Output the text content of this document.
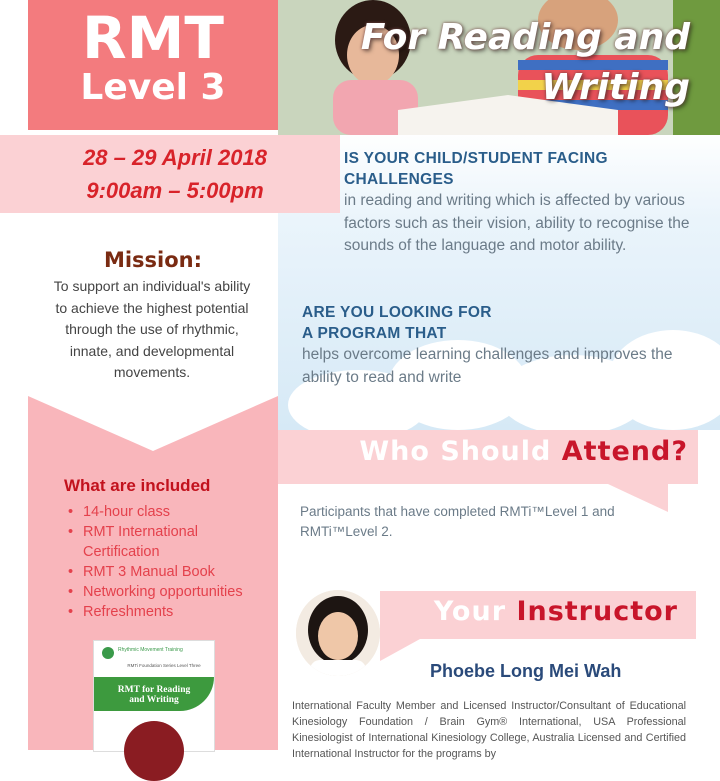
For Reading and
Writing
RMT
Level 3
28 – 29 April 2018
9:00am – 5:00pm
Mission:
To support an individual's ability to achieve the highest potential through the use of rhythmic, innate, and developmental movements.
What are included
• 14-hour class
• RMT International Certification
• RMT 3 Manual Book
• Networking opportunities
• Refreshments
Rhythmic Movement Training
RMTi Foundation Series Level Three
RMT for Reading
and Writing
IS YOUR CHILD/STUDENT FACING CHALLENGES
in reading and writing which is affected by various factors such as their vision, ability to recognise the sounds of the language and motor ability.
ARE YOU LOOKING FOR
A PROGRAM THAT
helps overcome learning challenges and improves the ability to read and write
Who Should Attend?
Participants that have completed RMTi™Level 1 and RMTi™Level 2.
Your Instructor
Phoebe Long Mei Wah
International Faculty Member and Licensed Instructor/Consultant of Educational Kinesiology Foundation / Brain Gym® International, USA Professional Kinesiologist of International Kinesiology College, Australia Licensed and Certified International Instructor for the programs by
